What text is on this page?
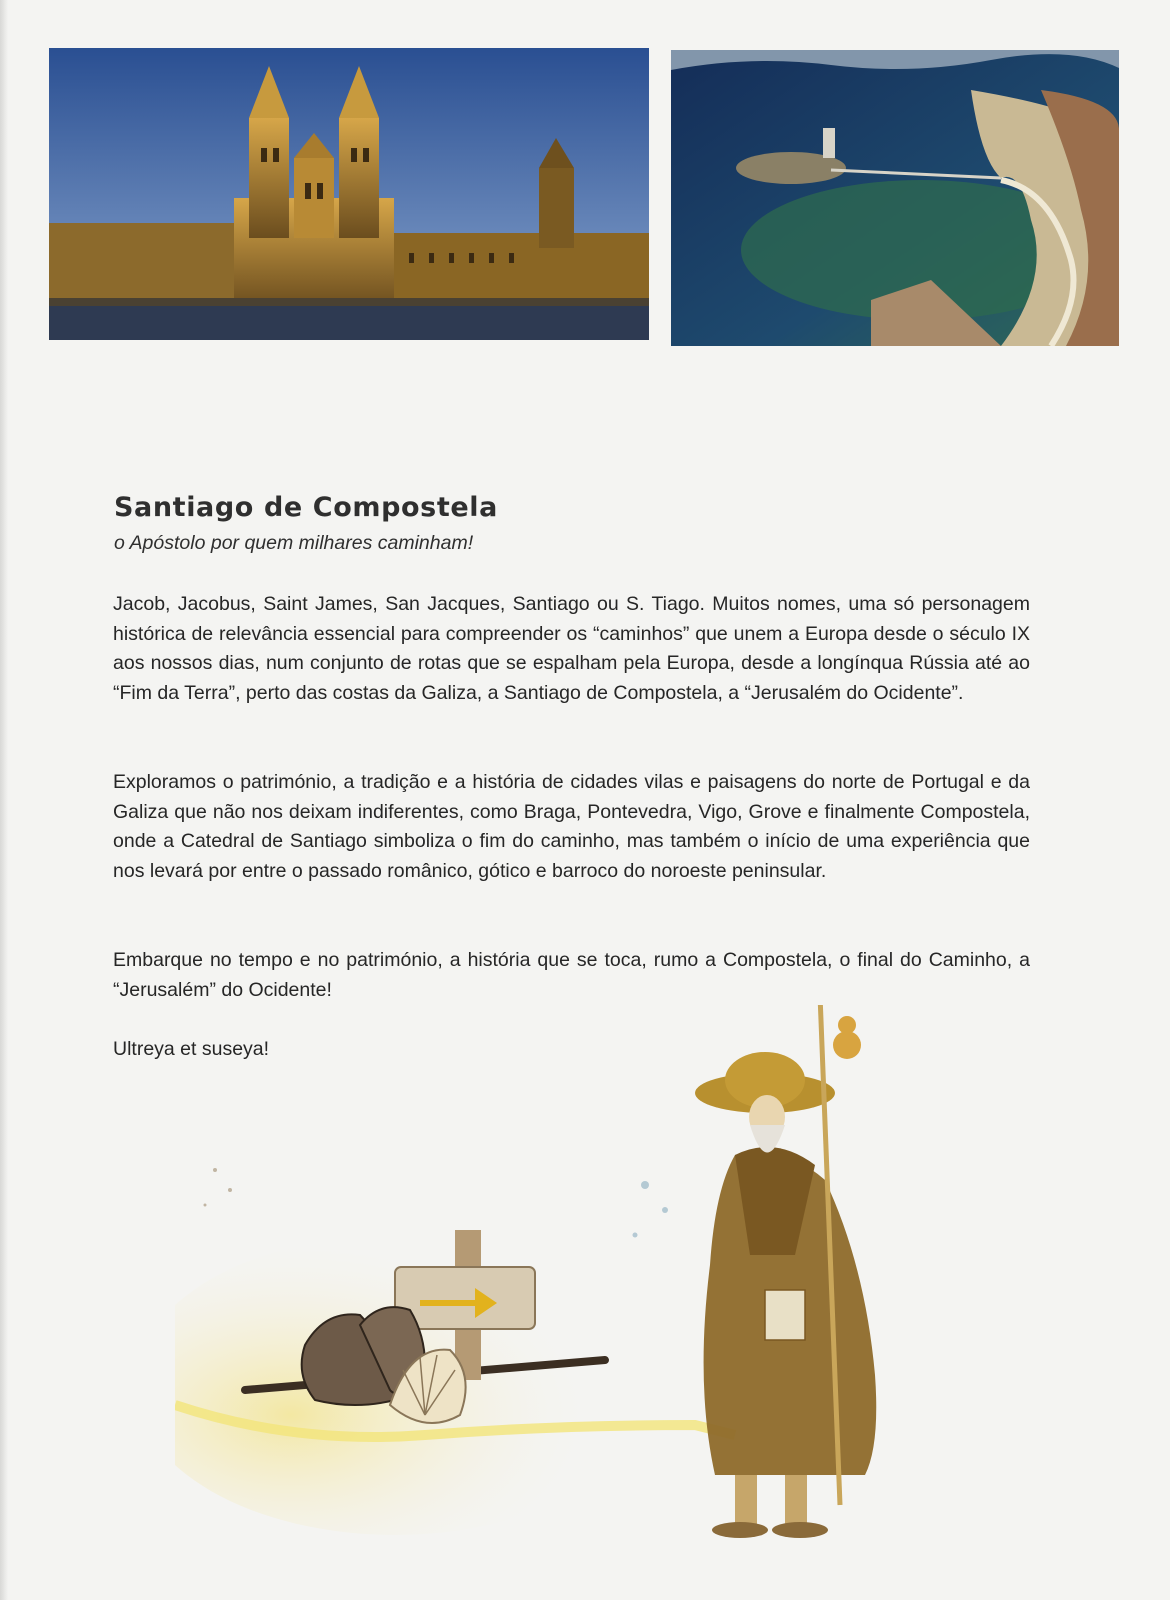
Santiago de Compostela
o Apóstolo por quem milhares caminham!

Jacob, Jacobus, Saint James, San Jacques, Santiago ou S. Tiago. Muitos nomes, uma só personagem histórica de relevância essencial para compreender os “caminhos” que unem a Europa desde o século IX aos nossos dias, num conjunto de rotas que se espalham pela Europa, desde a longínqua Rússia até ao “Fim da Terra”, perto das costas da Galiza, a Santiago de Compostela, a “Jerusalém do Ocidente”.

Exploramos o património, a tradição e a história de cidades vilas e paisagens do norte de Portugal e da Galiza que não nos deixam indiferentes, como Braga, Pontevedra, Vigo, Grove e finalmente Compostela, onde a Catedral de Santiago simboliza o fim do caminho, mas também o início de uma experiência que nos levará por entre o passado românico, gótico e barroco do noroeste peninsular.

Embarque no tempo e no património, a história que se toca, rumo a Compostela, o final do Caminho, a “Jerusalém” do Ocidente!

Ultreya et suseya!
